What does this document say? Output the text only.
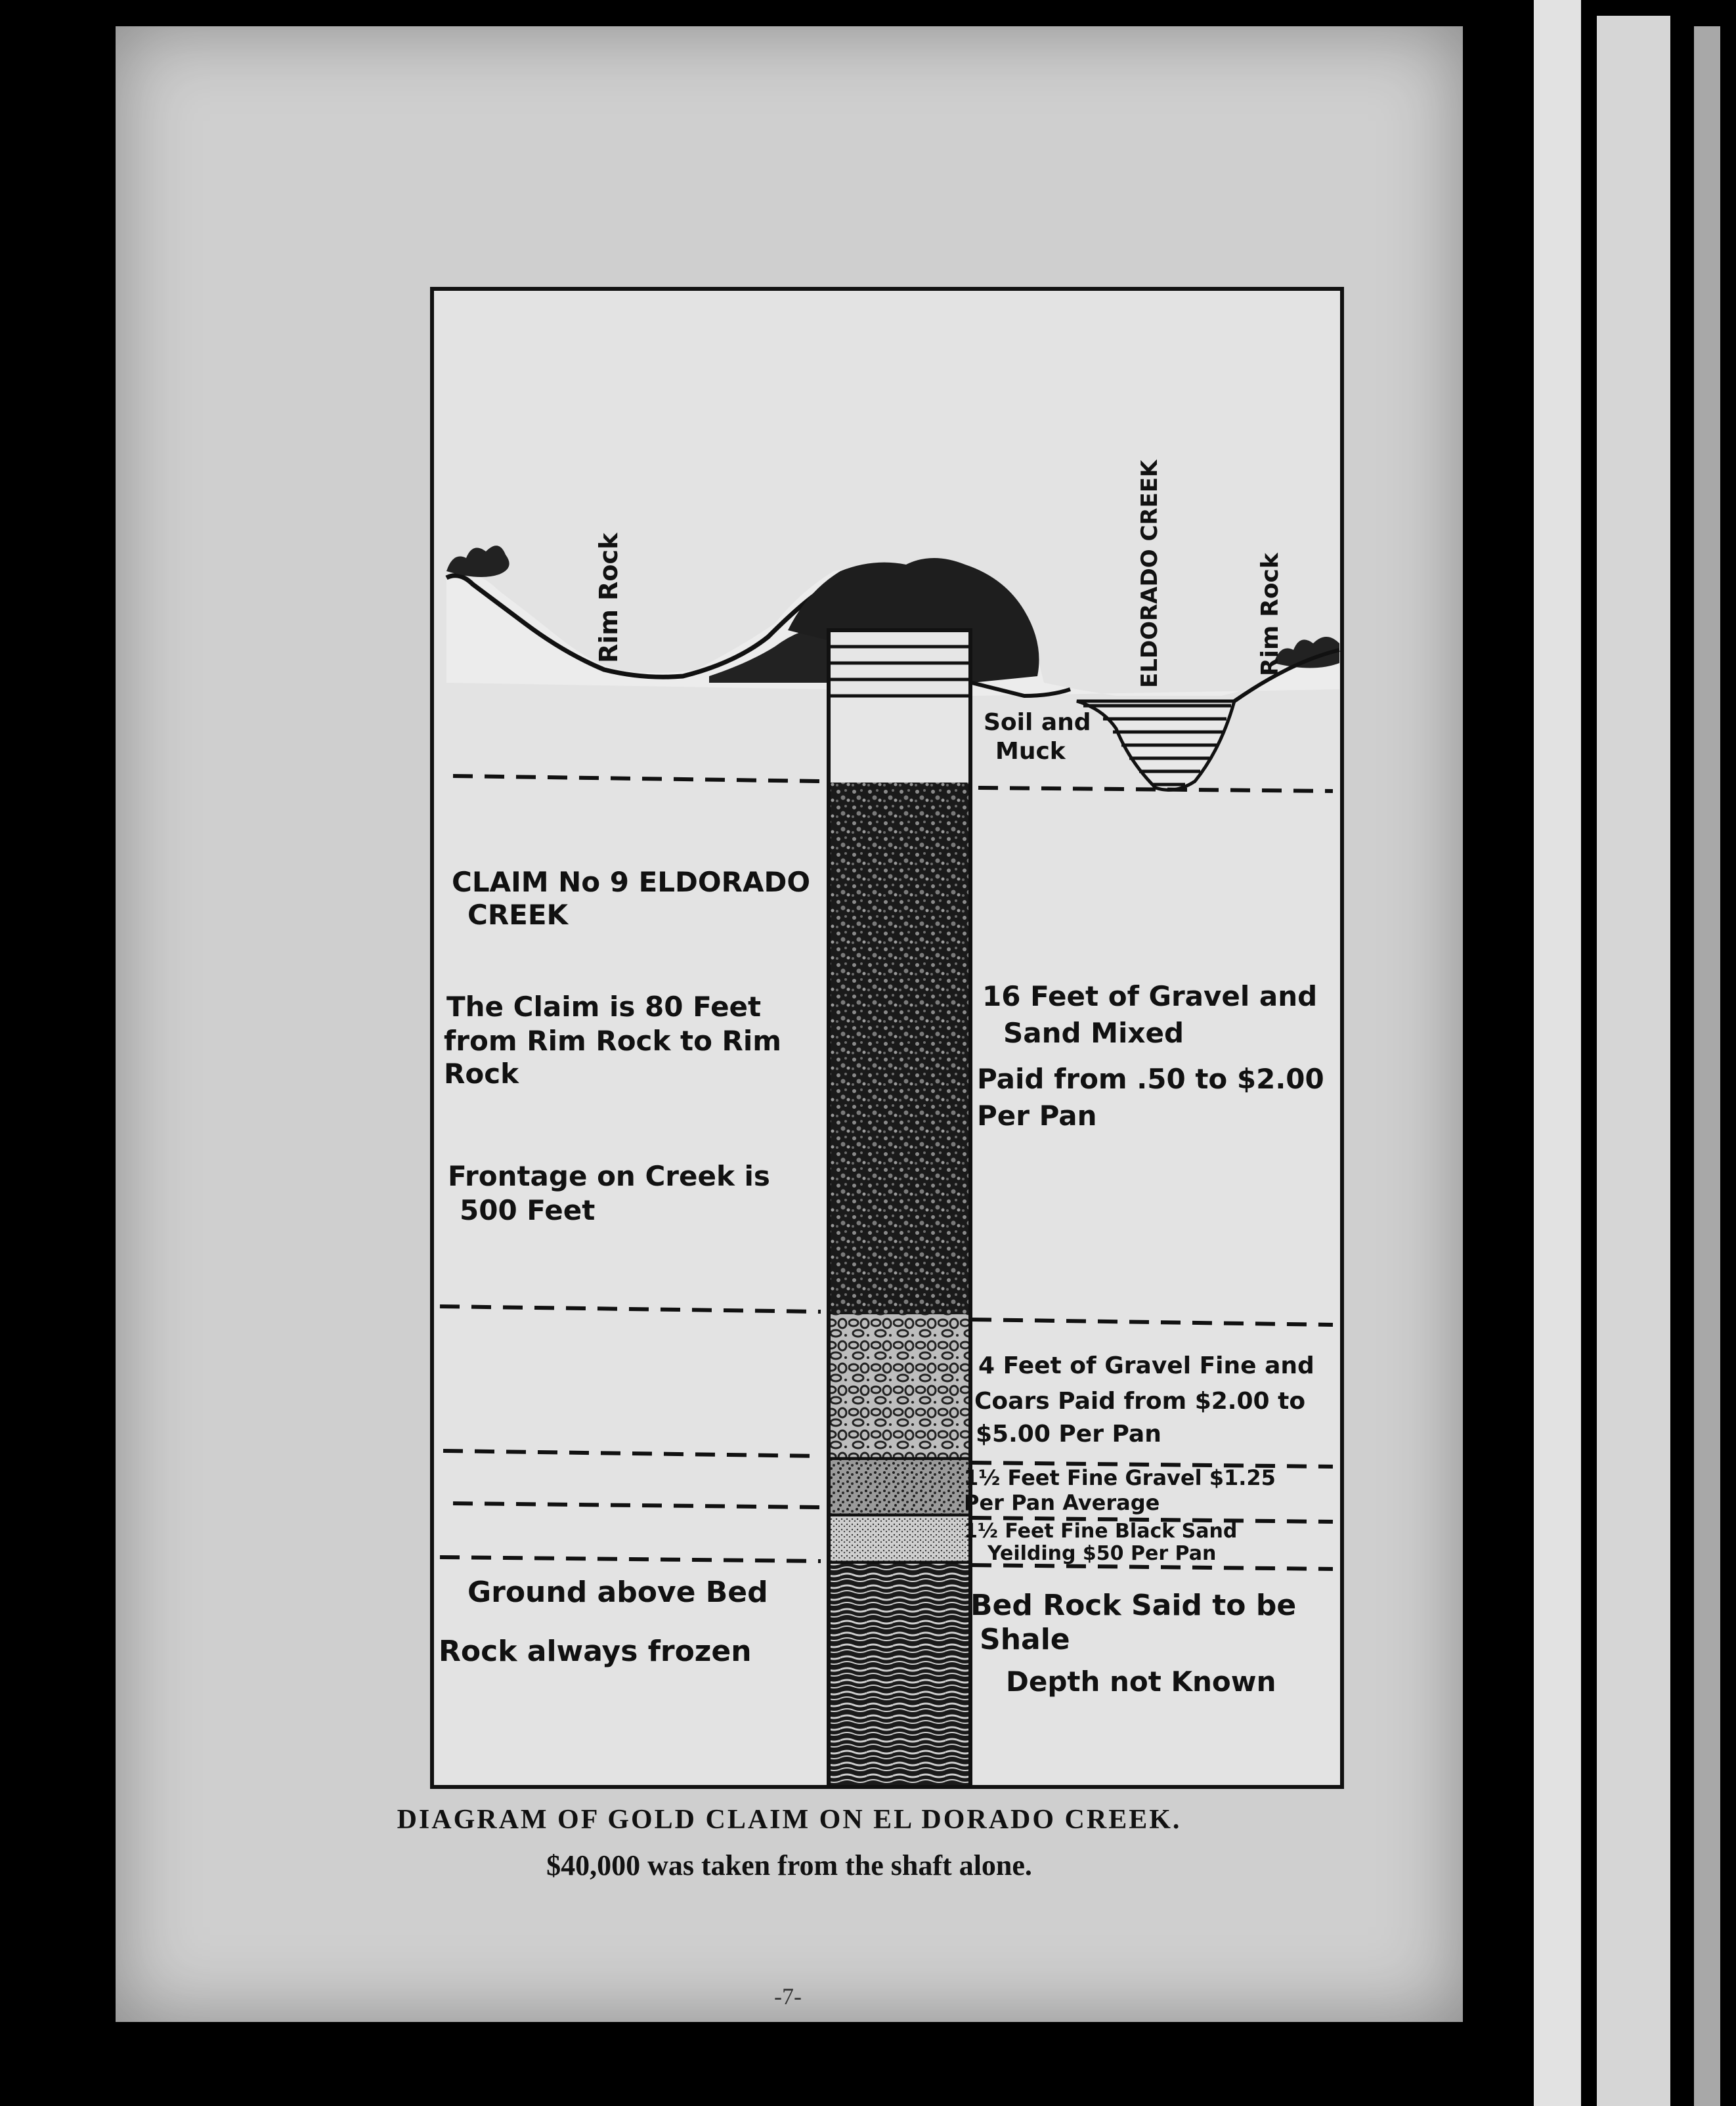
Rim Rock	ELDORADO CREEK	Rim Rock
Soil and
Muck
CLAIM No 9 ELDORADO
CREEK
The Claim is 80 Feet
from Rim Rock to Rim
Rock
Frontage on Creek is
500 Feet
Ground above Bed
Rock always frozen
16 Feet of Gravel and
Sand Mixed
Paid from .50 to $2.00
Per Pan
4 Feet of Gravel Fine and
Coars Paid from $2.00 to
$5.00 Per Pan
1½ Feet Fine Gravel $1.25
Per Pan Average
1½ Feet Fine Black Sand
Yeilding $50 Per Pan
Bed Rock Said to be
Shale
Depth not Known
DIAGRAM OF GOLD CLAIM ON EL DORADO CREEK.
$40,000 was taken from the shaft alone.
-7-
